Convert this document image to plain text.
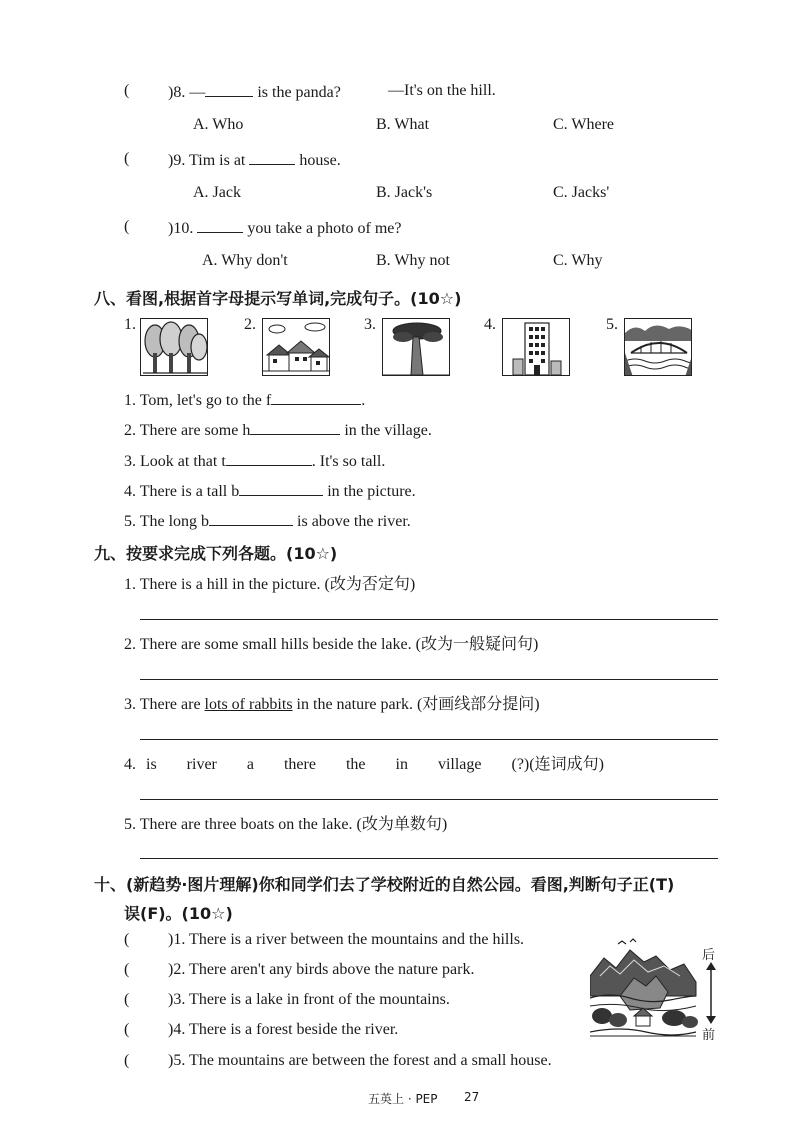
( )8. —	is the panda?	—It's on the hill.
A. Who	B. What	C. Where
( )9. Tim is at	house.
A. Jack	B. Jack's	C. Jacks'
( )10.	you take a photo of me?
A. Why don't	B. Why not	C. Why
八、看图,根据首字母提示写单词,完成句子。(10☆)
1.	2.	3.	4.	5.
1. Tom, let's go to the f	.
2. There are some h	in the village.
3. Look at that t	. It's so tall.
4. There is a tall b	in the picture.
5. The long b	is above the river.
九、按要求完成下列各题。(10☆)
1. There is a hill in the picture. (改为否定句)
2. There are some small hills beside the lake. (改为一般疑问句)
3. There are lots of rabbits in the nature park. (对画线部分提问)
4. is   river   a   there   the   in   village   (?)(连词成句)
5. There are three boats on the lake. (改为单数句)
十、(新趋势·图片理解)你和同学们去了学校附近的自然公园。看图,判断句子正(T)
误(F)。(10☆)
( )1. There is a river between the mountains and the hills.
( )2. There aren't any birds above the nature park.
( )3. There is a lake in front of the mountains.
( )4. There is a forest beside the river.
( )5. The mountains are between the forest and a small house.
后
前
五英上 · PEP 27
